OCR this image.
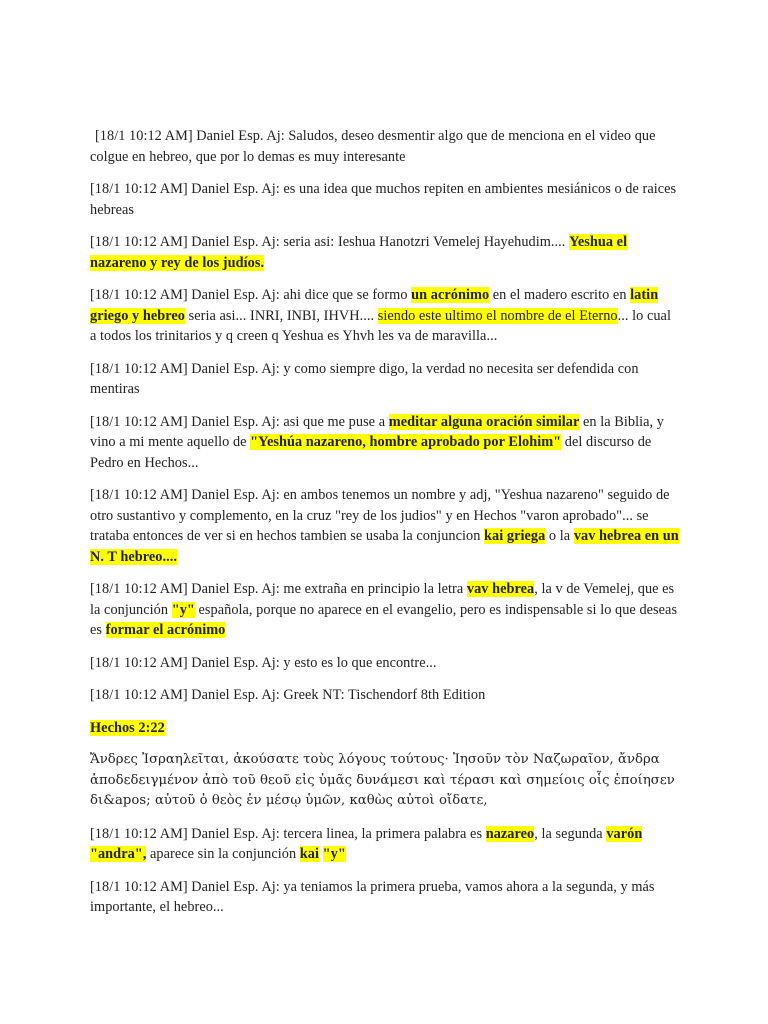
[18/1 10:12 AM] Daniel Esp. Aj: Saludos, deseo desmentir algo que de menciona en el video que colgue en hebreo, que por lo demas es muy interesante

[18/1 10:12 AM] Daniel Esp. Aj: es una idea que muchos repiten en ambientes mesiánicos o de raices hebreas

[18/1 10:12 AM] Daniel Esp. Aj: seria asi: Ieshua Hanotzri Vemelej Hayehudim.... Yeshua el nazareno y rey de los judíos.

[18/1 10:12 AM] Daniel Esp. Aj: ahi dice que se formo un acrónimo en el madero escrito en latin griego y hebreo seria asi... INRI, INBI, IHVH.... siendo este ultimo el nombre de el Eterno... lo cual a todos los trinitarios y q creen q Yeshua es Yhvh les va de maravilla...

[18/1 10:12 AM] Daniel Esp. Aj: y como siempre digo, la verdad no necesita ser defendida con mentiras

[18/1 10:12 AM] Daniel Esp. Aj: asi que me puse a meditar alguna oración similar en la Biblia, y vino a mi mente aquello de "Yeshúa nazareno, hombre aprobado por Elohim" del discurso de Pedro en Hechos...

[18/1 10:12 AM] Daniel Esp. Aj: en ambos tenemos un nombre y adj, "Yeshua nazareno" seguido de otro sustantivo y complemento, en la cruz "rey de los judios" y en Hechos "varon aprobado"... se trataba entonces de ver si en hechos tambien se usaba la conjuncion kai griega o la vav hebrea en un N. T hebreo....

[18/1 10:12 AM] Daniel Esp. Aj: me extraña en principio la letra vav hebrea, la v de Vemelej, que es la conjunción "y" española, porque no aparece en el evangelio, pero es indispensable si lo que deseas es formar el acrónimo

[18/1 10:12 AM] Daniel Esp. Aj: y esto es lo que encontre...

[18/1 10:12 AM] Daniel Esp. Aj: Greek NT: Tischendorf 8th Edition

Hechos 2:22

Ἄνδρες Ἰσραηλεῖται, ἀκούσατε τοὺς λόγους τούτους· Ἰησοῦν τὸν Ναζωραῖον, ἄνδρα ἀποδεδειγμένον ἀπὸ τοῦ θεοῦ εἰς ὑμᾶς δυνάμεσι καὶ τέρασι καὶ σημείοις οἷς ἐποίησεν δι&apos; αὐτοῦ ὁ θεὸς ἐν μέσῳ ὑμῶν, καθὼς αὐτοὶ οἴδατε,

[18/1 10:12 AM] Daniel Esp. Aj: tercera linea, la primera palabra es nazareo, la segunda varón "andra", aparece sin la conjunción kai "y"

[18/1 10:12 AM] Daniel Esp. Aj: ya teniamos la primera prueba, vamos ahora a la segunda, y más importante, el hebreo...
